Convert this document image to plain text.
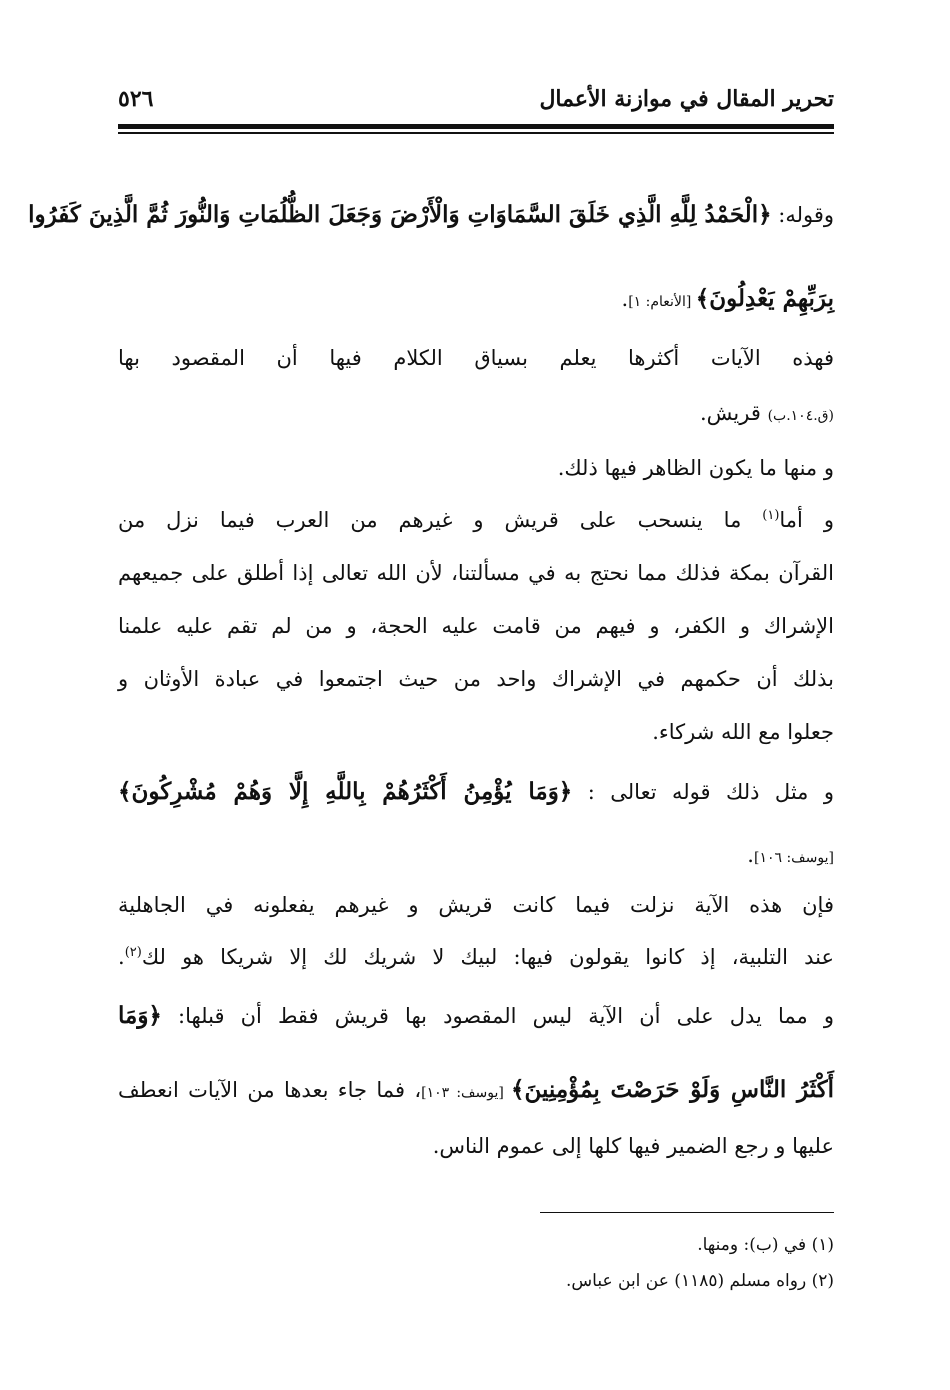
تحرير المقال في موازنة الأعمال
٥٢٦
وقوله: ﴿الْحَمْدُ لِلَّهِ الَّذِي خَلَقَ السَّمَاوَاتِ وَالْأَرْضَ وَجَعَلَ الظُّلُمَاتِ وَالنُّورَ ثُمَّ الَّذِينَ كَفَرُوا
بِرَبِّهِمْ يَعْدِلُونَ﴾ [الأنعام: ١].
فهذه الآيات أكثرها يعلم بسياق الكلام فيها أن المقصود بها
(ق.١٠٤.ب) قريش.
و منها ما يكون الظاهر فيها ذلك.
و أما$^{(١)}$ ما ينسحب على قريش و غيرهم من العرب فيما نزل من
القرآن بمكة فذلك مما نحتج به في مسألتنا، لأن الله تعالى إذا أطلق على جميعهم
الإشراك و الكفر، و فيهم من قامت عليه الحجة، و من لم تقم عليه علمنا
بذلك أن حكمهم في الإشراك واحد من حيث اجتمعوا في عبادة الأوثان و
جعلوا مع الله شركاء.
و مثل ذلك قوله تعالى : ﴿وَمَا يُؤْمِنُ أَكْثَرُهُمْ بِاللَّهِ إِلَّا وَهُمْ مُشْرِكُونَ﴾
[يوسف: ١٠٦].
فإن هذه الآية نزلت فيما كانت قريش و غيرهم يفعلونه في الجاهلية
عند التلبية، إذ كانوا يقولون فيها: لبيك لا شريك لك إلا شريكا هو لك$^{(٢)}$.
و مما يدل على أن الآية ليس المقصود بها قريش فقط أن قبلها: ﴿وَمَا
أَكْثَرُ النَّاسِ وَلَوْ حَرَصْتَ بِمُؤْمِنِينَ﴾ [يوسف: ١٠٣]، فما جاء بعدها من الآيات انعطف
عليها و رجع الضمير فيها كلها إلى عموم الناس.
(١) في (ب): ومنها.
(٢) رواه مسلم (١١٨٥) عن ابن عباس.
